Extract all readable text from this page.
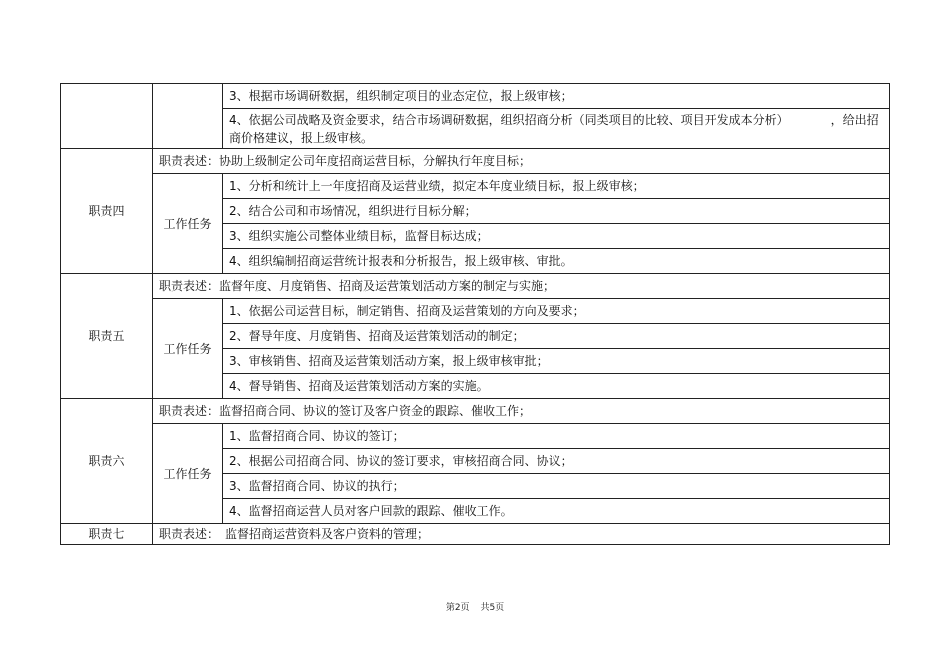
		3、根据市场调研数据，组织制定项目的业态定位，报上级审核；
		4、依据公司战略及资金要求，结合市场调研数据，组织招商分析（同类项目的比较、项目开发成本分析）　　　　，给出招商价格建议，报上级审核。
职责四	职责表述：协助上级制定公司年度招商运营目标，分解执行年度目标；	
	工作任务	1、分析和统计上一年度招商及运营业绩，拟定本年度业绩目标，报上级审核；
		2、结合公司和市场情况，组织进行目标分解；
		3、组织实施公司整体业绩目标，监督目标达成；
		4、组织编制招商运营统计报表和分析报告，报上级审核、审批。
职责五	职责表述：监督年度、月度销售、招商及运营策划活动方案的制定与实施；	
	工作任务	1、依据公司运营目标，制定销售、招商及运营策划的方向及要求；
		2、督导年度、月度销售、招商及运营策划活动的制定；
		3、审核销售、招商及运营策划活动方案，报上级审核审批；
		4、督导销售、招商及运营策划活动方案的实施。
职责六	职责表述：监督招商合同、协议的签订及客户资金的跟踪、催收工作；	
	工作任务	1、监督招商合同、协议的签订；
		2、根据公司招商合同、协议的签订要求，审核招商合同、协议；
		3、监督招商合同、协议的执行；
		4、监督招商运营人员对客户回款的跟踪、催收工作。
职责七	职责表述：　监督招商运营资料及客户资料的管理；	
第2页 共5页
